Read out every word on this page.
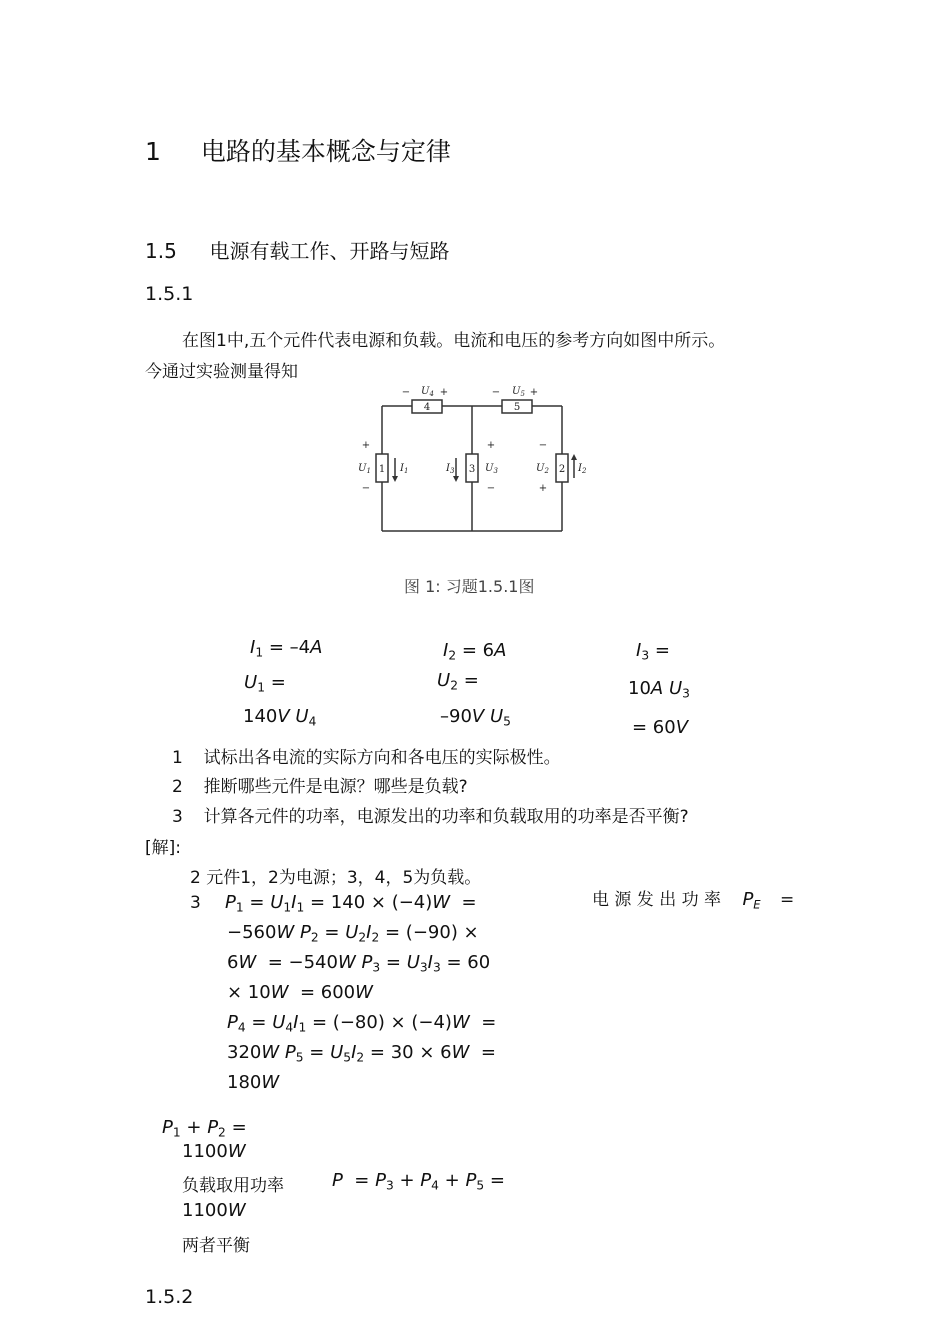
1 电路的基本概念与定律
1.5 电源有载工作、开路与短路
1.5.1
在图1中,五个元件代表电源和负载。电流和电压的参考方向如图中所示。
今通过实验测量得知
4	5
1	3	2
−	+	−	+
+
−
+
−
−
+
$U_4$	$U_5$
$U_1$	$I_1$	$I_3$	$U_3$	$U_2$	$I_2$
图 1: 习题1.5.1图
$I_1 = -4A$	$I_2 = 6A$	$I_3$ =
$U_1$ =	$U_2$ =	10A $U_3$
140V $U_4$	–90V $U_5$	= 60V
1 试标出各电流的实际方向和各电压的实际极性。
2 推断哪些元件是电源？哪些是负载?
3 计算各元件的功率，电源发出的功率和负载取用的功率是否平衡?
[解]:
2 元件1，2为电源；3，4，5为负载。
3 $P_1 = U_1I_1 = 140 \times (-4)W$  =
−560W $P_2 = U_2I_2 = (-90)$ ×
6W  = −540W $P_3 = U_3I_3 = 60$
× 10W  = 600W
$P_4 = U_4I_1 = (-80) \times (-4)W$  =
320W $P_5 = U_5I_2 = 30 \times 6W$  =
180W
电 源 发 出 功 率 $P_E$ =
$P_1 + P_2$ =
1100W
负载取用功率	$P = P_3 + P_4 + P_5$ =
1100W
两者平衡
1.5.2
